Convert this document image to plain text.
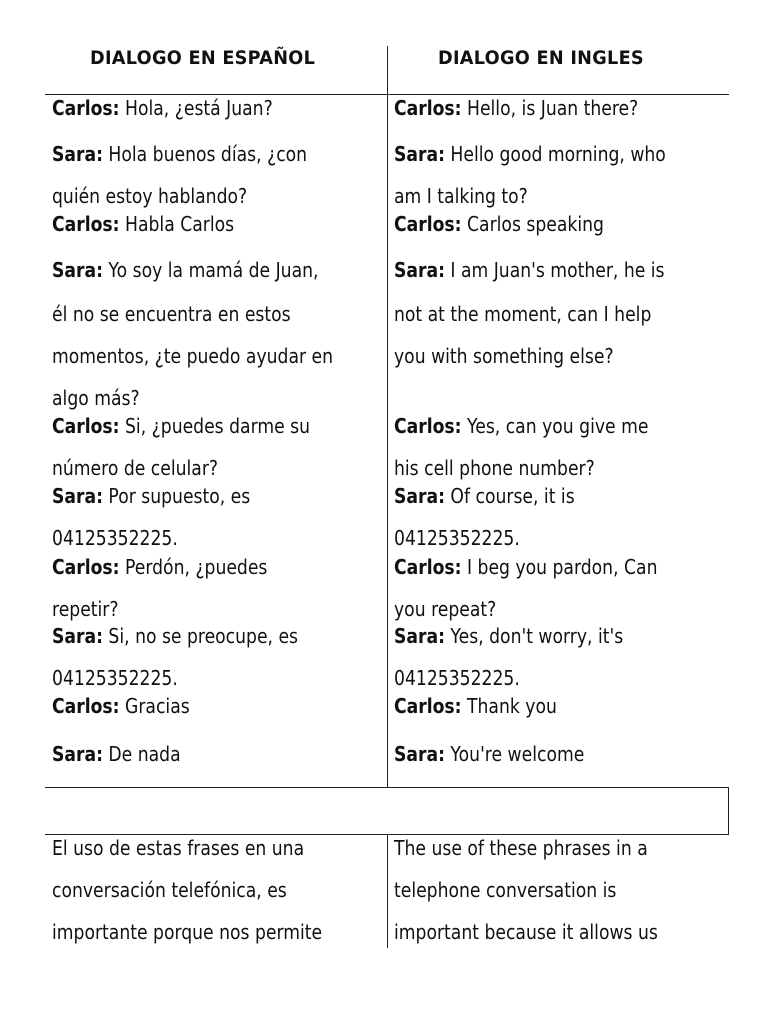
DIALOGO EN ESPAÑOL	DIALOGO EN INGLES
Carlos: Hola, ¿está Juan?
Sara: Hola buenos días, ¿con
quién estoy hablando?
Carlos: Habla Carlos
Sara: Yo soy la mamá de Juan,
él no se encuentra en estos
momentos, ¿te puedo ayudar en
algo más?
Carlos: Si, ¿puedes darme su
número de celular?
Sara: Por supuesto, es
04125352225.
Carlos: Perdón, ¿puedes
repetir?
Sara: Si, no se preocupe, es
04125352225.
Carlos: Gracias
Sara: De nada
Carlos: Hello, is Juan there?
Sara: Hello good morning, who
am I talking to?
Carlos: Carlos speaking
Sara: I am Juan's mother, he is
not at the moment, can I help
you with something else?
Carlos: Yes, can you give me
his cell phone number?
Sara: Of course, it is
04125352225.
Carlos: I beg you pardon, Can
you repeat?
Sara: Yes, don't worry, it's
04125352225.
Carlos: Thank you
Sara: You're welcome
El uso de estas frases en una
conversación telefónica, es
importante porque nos permite
The use of these phrases in a
telephone conversation is
important because it allows us
